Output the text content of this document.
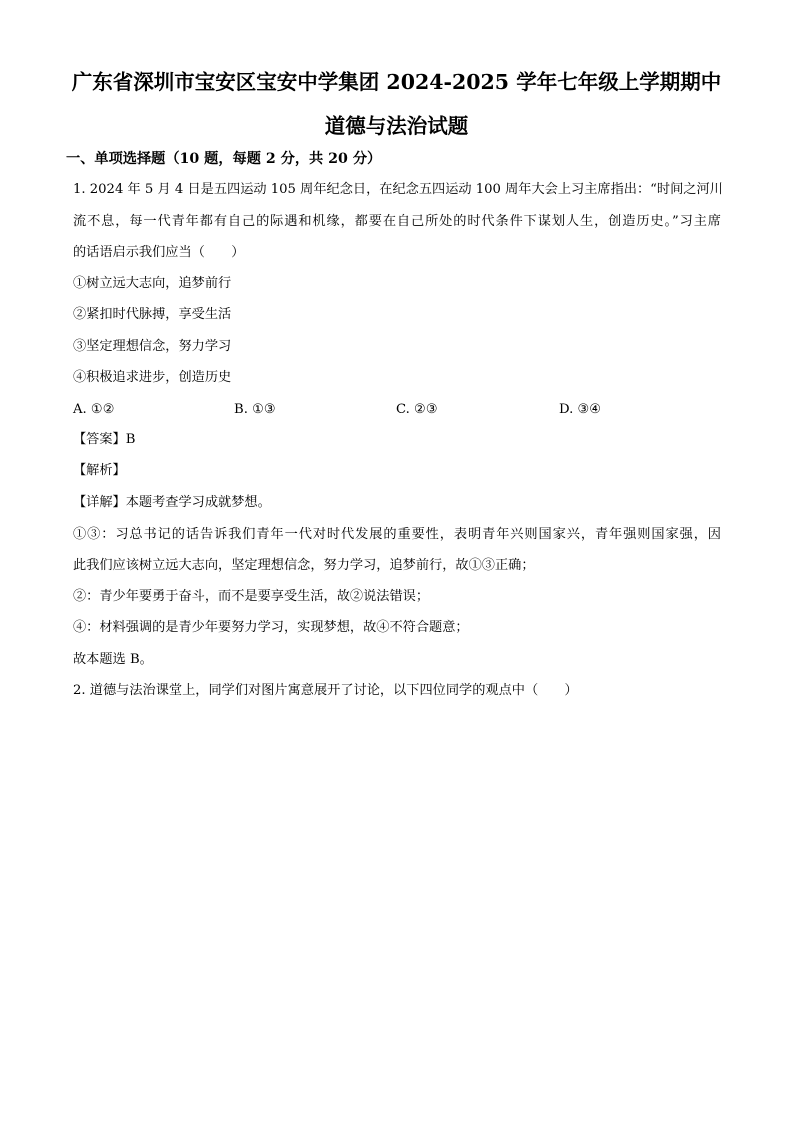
广东省深圳市宝安区宝安中学集团 2024-2025 学年七年级上学期期中
道德与法治试题
一、单项选择题（10 题，每题 2 分，共 20 分）
1. 2024 年 5 月 4 日是五四运动 105 周年纪念日，在纪念五四运动 100 周年大会上习主席指出：“时间之河川
流不息，每一代青年都有自己的际遇和机缘，都要在自己所处的时代条件下谋划人生，创造历史。”习主席
的话语启示我们应当（　　）
①树立远大志向，追梦前行
②紧扣时代脉搏，享受生活
③坚定理想信念，努力学习
④积极追求进步，创造历史
A. ①②	B. ①③	C. ②③	D. ③④
【答案】B
【解析】
【详解】本题考查学习成就梦想。
①③：习总书记的话告诉我们青年一代对时代发展的重要性，表明青年兴则国家兴，青年强则国家强，因
此我们应该树立远大志向，坚定理想信念，努力学习，追梦前行，故①③正确；
②：青少年要勇于奋斗，而不是要享受生活，故②说法错误；
④：材料强调的是青少年要努力学习，实现梦想，故④不符合题意；
故本题选 B。
2. 道德与法治课堂上，同学们对图片寓意展开了讨论，以下四位同学的观点中（　　）
